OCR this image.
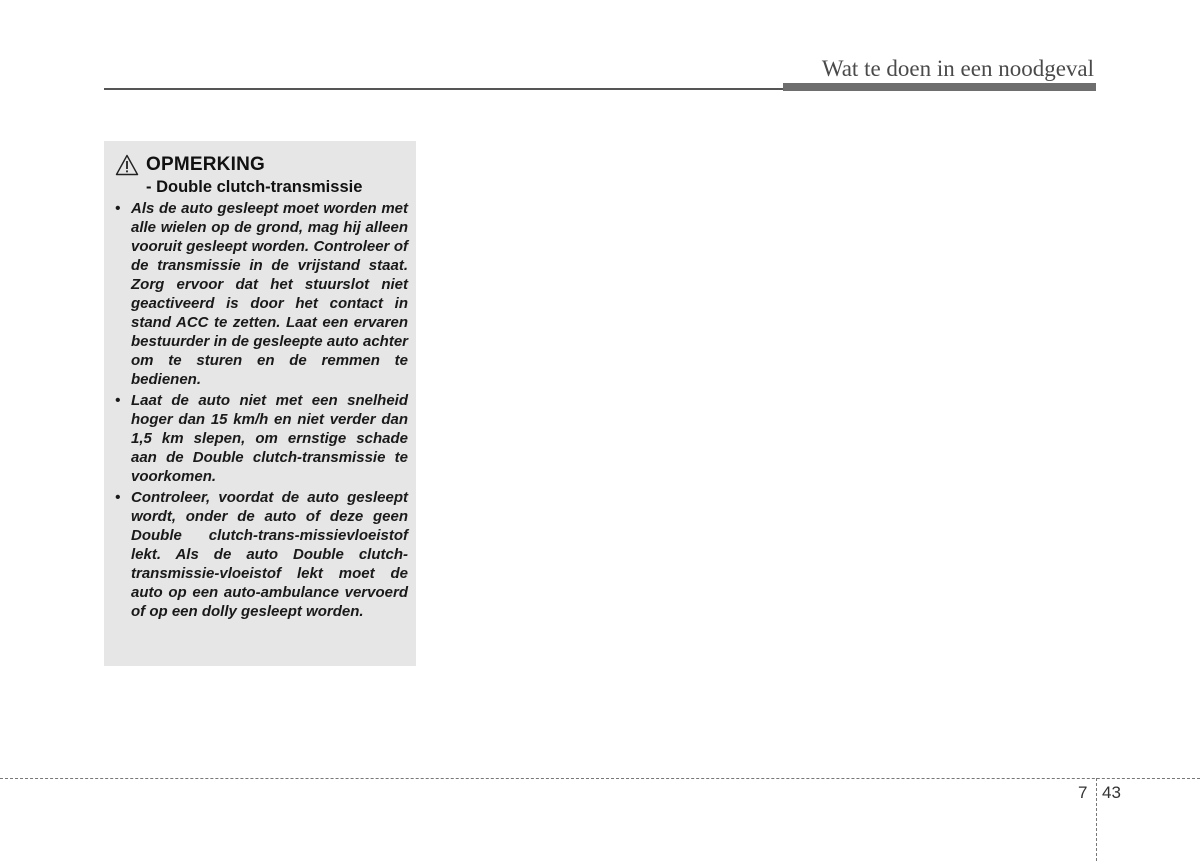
Wat te doen in een noodgeval
OPMERKING
- Double clutch-transmissie
• Als de auto gesleept moet worden met alle wielen op de grond, mag hij alleen vooruit gesleept worden. Controleer of de transmissie in de vrijstand staat. Zorg ervoor dat het stuurslot niet geactiveerd is door het contact in stand ACC te zetten. Laat een ervaren bestuurder in de gesleepte auto achter om te sturen en de remmen te bedienen.
• Laat de auto niet met een snelheid hoger dan 15 km/h en niet verder dan 1,5 km slepen, om ernstige schade aan de Double clutch-transmissie te voorkomen.
• Controleer, voordat de auto gesleept wordt, onder de auto of deze geen Double clutch-trans-missievloeistof lekt. Als de auto Double clutch-transmissie-vloeistof lekt moet de auto op een auto-ambulance vervoerd of op een dolly gesleept worden.
7 43
